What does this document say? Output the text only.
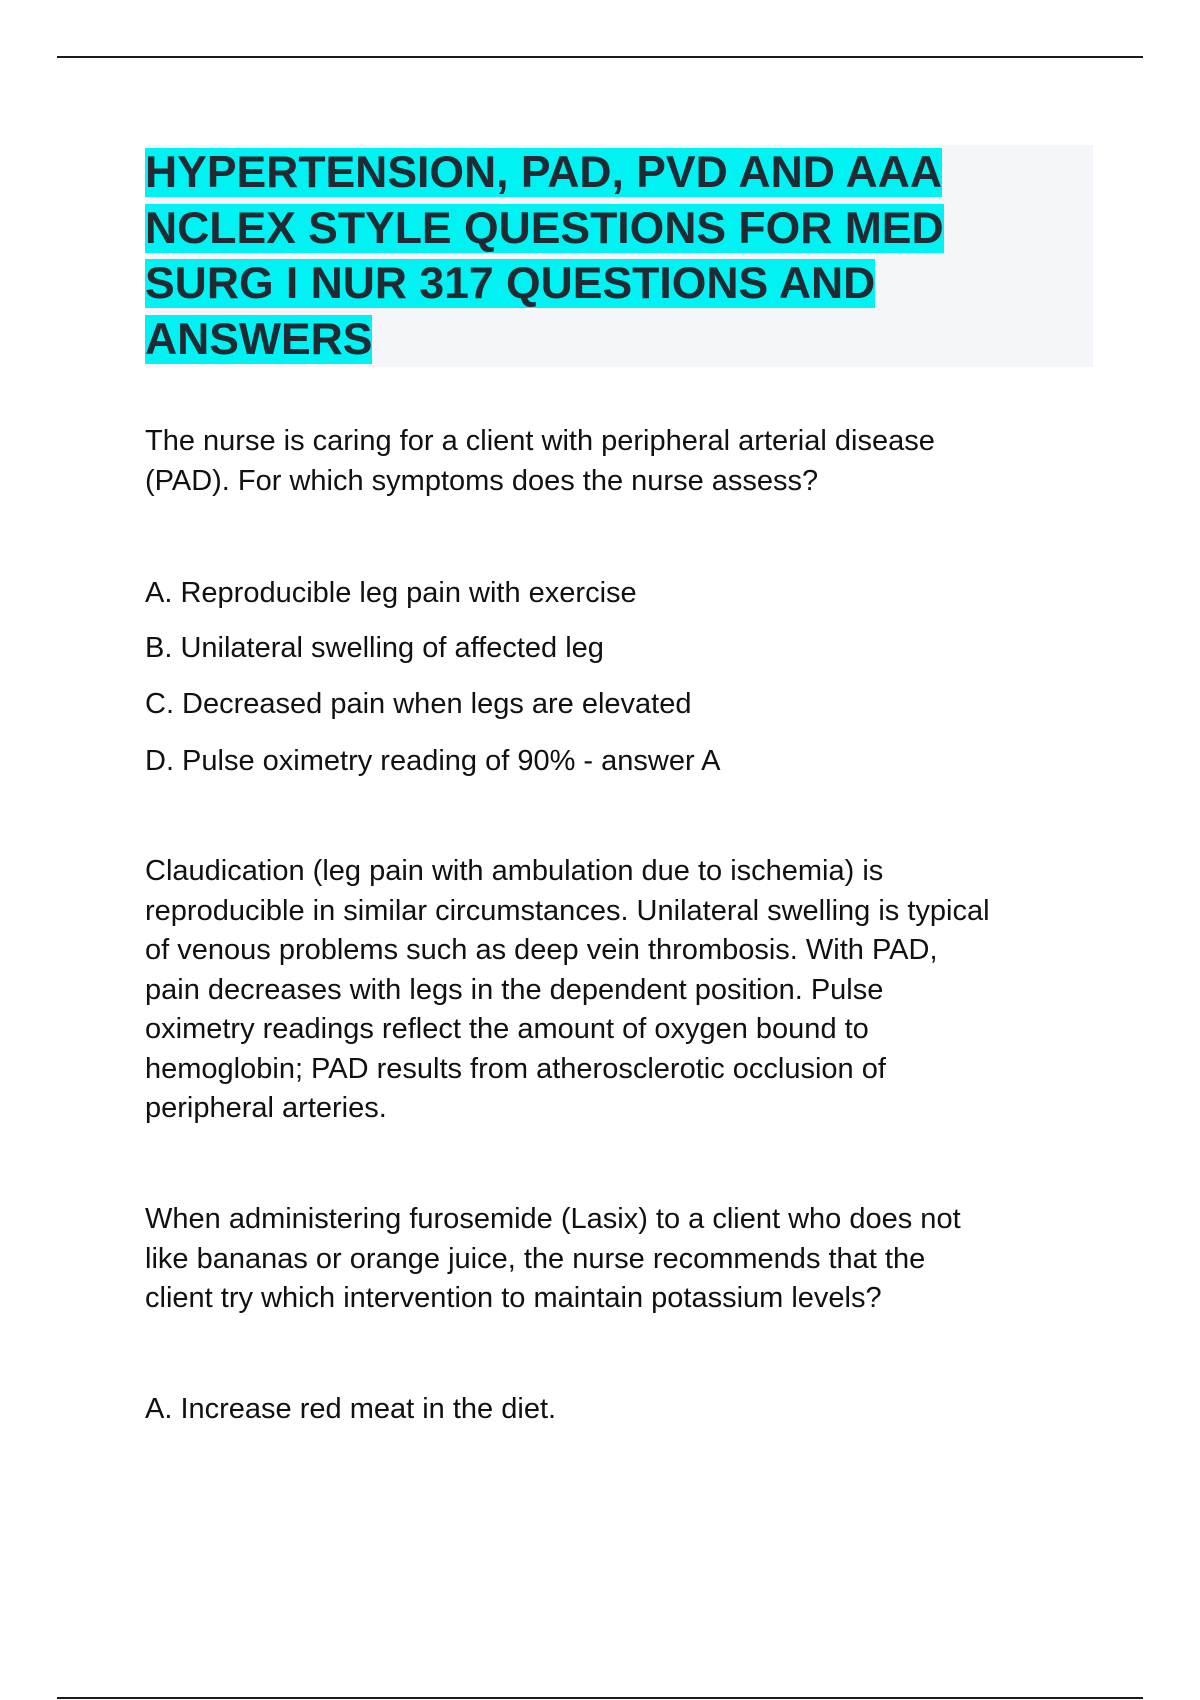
HYPERTENSION, PAD, PVD AND AAA
NCLEX STYLE QUESTIONS FOR MED
SURG I NUR 317 QUESTIONS AND
ANSWERS
The nurse is caring for a client with peripheral arterial disease
(PAD). For which symptoms does the nurse assess?

A. Reproducible leg pain with exercise

B. Unilateral swelling of affected leg

C. Decreased pain when legs are elevated

D. Pulse oximetry reading of 90% - answer A

Claudication (leg pain with ambulation due to ischemia) is
reproducible in similar circumstances. Unilateral swelling is typical
of venous problems such as deep vein thrombosis. With PAD,
pain decreases with legs in the dependent position. Pulse
oximetry readings reflect the amount of oxygen bound to
hemoglobin; PAD results from atherosclerotic occlusion of
peripheral arteries.
When administering furosemide (Lasix) to a client who does not
like bananas or orange juice, the nurse recommends that the
client try which intervention to maintain potassium levels?

A. Increase red meat in the diet.
